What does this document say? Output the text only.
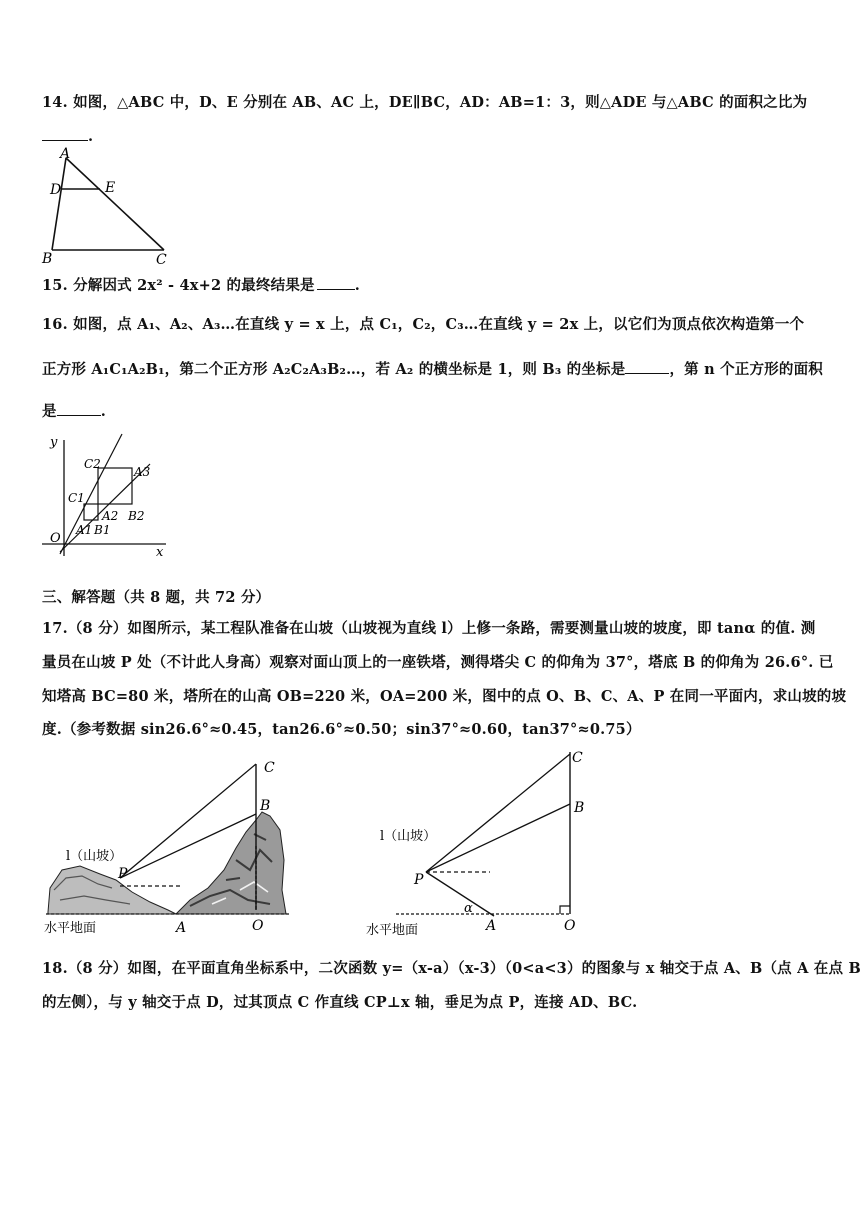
14. 如图，△ABC 中，D、E 分别在 AB、AC 上，DE∥BC，AD：AB=1：3，则△ADE 与△ABC 的面积之比为
.
A
D	E
B	C
15. 分解因式 2x² - 4x+2 的最终结果是	.
16. 如图，点 A₁、A₂、A₃…在直线 y = x 上，点 C₁，C₂，C₃…在直线 y = 2x 上，以它们为顶点依次构造第一个
正方形 A₁C₁A₂B₁，第二个正方形 A₂C₂A₃B₂…，若 A₂ 的横坐标是 1，则 B₃ 的坐标是	，第 n 个正方形的面积
是	.
y
x
O
C2
C1
A3
A2
A1 B1
B2
三、解答题（共 8 题，共 72 分）
17.（8 分）如图所示，某工程队准备在山坡（山坡视为直线 l）上修一条路，需要测量山坡的坡度，即 tanα 的值. 测
量员在山坡 P 处（不计此人身高）观察对面山顶上的一座铁塔，测得塔尖 C 的仰角为 37°，塔底 B 的仰角为 26.6°. 已
知塔高 BC=80 米，塔所在的山高 OB=220 米，OA=200 米，图中的点 O、B、C、A、P 在同一平面内，求山坡的坡
度.（参考数据 sin26.6°≈0.45，tan26.6°≈0.50；sin37°≈0.60，tan37°≈0.75）
l（山坡）
P
C
B
水平地面	A	O
l（山坡）
P
α
C
B
水平地面	A	O
18.（8 分）如图，在平面直角坐标系中，二次函数 y=（x-a）（x-3）（0<a<3）的图象与 x 轴交于点 A、B（点 A 在点 B
的左侧），与 y 轴交于点 D，过其顶点 C 作直线 CP⊥x 轴，垂足为点 P，连接 AD、BC.
